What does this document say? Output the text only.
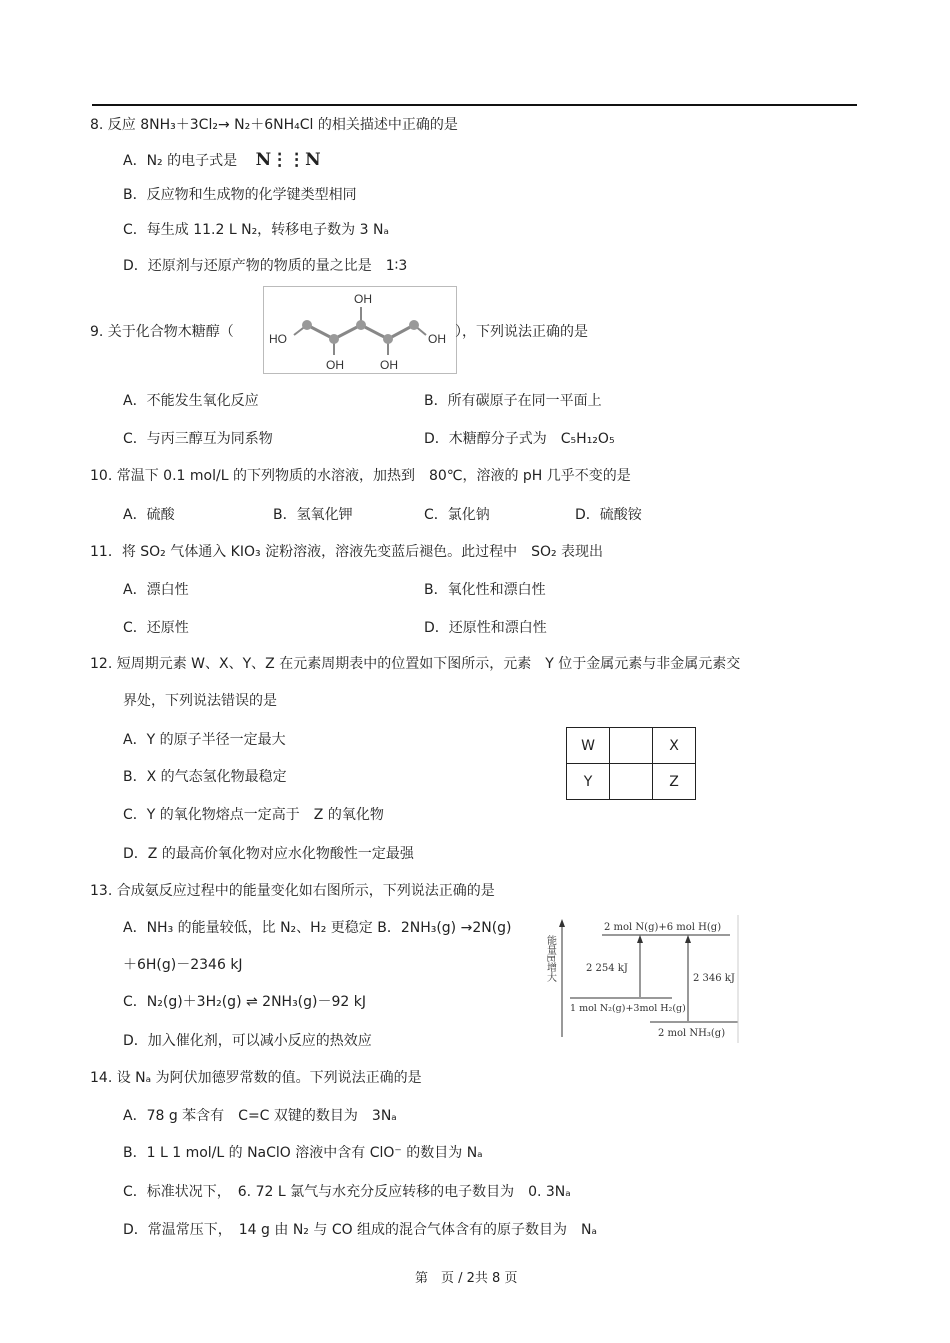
8. 反应 8NH₃＋3Cl₂→ N₂＋6NH₄Cl 的相关描述中正确的是
A．N₂ 的电子式是 N⋮⋮N
B．反应物和生成物的化学键类型相同
C．每生成 11.2 L N₂，转移电子数为 3 Nₐ
D．还原剂与还原产物的物质的量之比是　1∶3
9. 关于化合物木糖醇（
OH
HO	OH
OH	OH
），下列说法正确的是
A．不能发生氧化反应	B．所有碳原子在同一平面上
C．与丙三醇互为同系物	D．木糖醇分子式为　C₅H₁₂O₅
10. 常温下 0.1 mol/L 的下列物质的水溶液，加热到　80℃，溶液的 pH 几乎不变的是
A．硫酸	B．氢氧化钾	C．氯化钠	D．硫酸铵
11．将 SO₂ 气体通入 KIO₃ 淀粉溶液，溶液先变蓝后褪色。此过程中　SO₂ 表现出
A．漂白性	B．氧化性和漂白性
C．还原性	D．还原性和漂白性
12. 短周期元素 W、X、Y、Z 在元素周期表中的位置如下图所示，元素　Y 位于金属元素与非金属元素交
界处，下列说法错误的是
A．Y 的原子半径一定最大
B．X 的气态氢化物最稳定
C．Y 的氧化物熔点一定高于　Z 的氧化物
D．Z 的最高价氧化物对应水化物酸性一定最强
W		X
Y		Z
13. 合成氨反应过程中的能量变化如右图所示，下列说法正确的是
A．NH₃ 的能量较低，比 N₂、H₂ 更稳定 B．2NH₃(g) →2N(g)
＋6H(g)－2346 kJ
C．N₂(g)＋3H₂(g) ⇌ 2NH₃(g)－92 kJ
D．加入催化剂，可以减小反应的热效应
能量E增大
2 mol N(g)+6 mol H(g)
2 254 kJ
2 346 kJ
1 mol N₂(g)+3mol H₂(g)
2 mol NH₃(g)
14. 设 Nₐ 为阿伏加德罗常数的值。下列说法正确的是
A．78 g 苯含有　C=C 双键的数目为　3Nₐ
B．1 L 1 mol/L 的 NaClO 溶液中含有 ClO⁻ 的数目为 Nₐ
C．标准状况下，　6. 72 L 氯气与水充分反应转移的电子数目为　0. 3Nₐ
D．常温常压下，　14 g 由 N₂ 与 CO 组成的混合气体含有的原子数目为　Nₐ
第　页 / 2共 8 页
